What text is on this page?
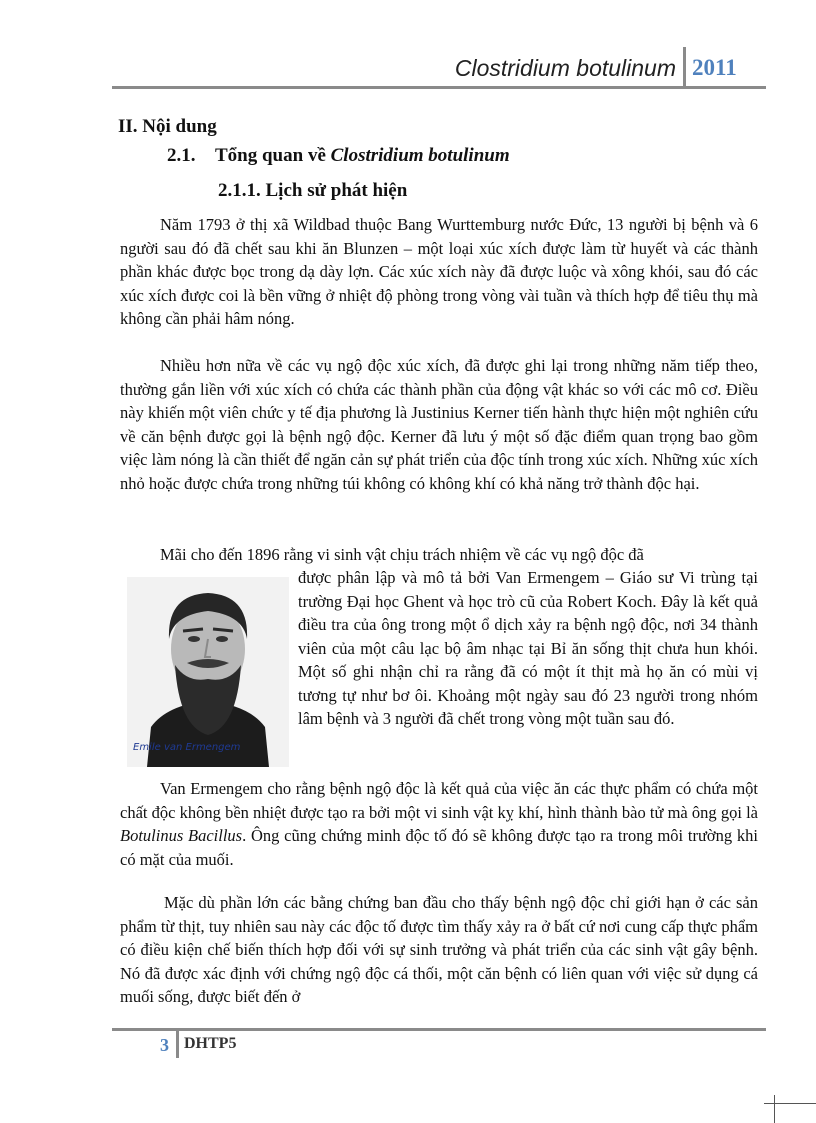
Clostridium botulinum 2011
II. Nội dung
2.1. Tổng quan về Clostridium botulinum
2.1.1. Lịch sử phát hiện

Năm 1793 ở thị xã Wildbad thuộc Bang Wurttemburg nước Đức, 13 người bị bệnh và 6 người sau đó đã chết sau khi ăn Blunzen – một loại xúc xích được làm từ huyết và các thành phần khác được bọc trong dạ dày lợn. Các xúc xích này đã được luộc và xông khói, sau đó các xúc xích được coi là bền vững ở nhiệt độ phòng trong vòng vài tuần và thích hợp để tiêu thụ mà không cần phải hâm nóng.

Nhiều hơn nữa về các vụ ngộ độc xúc xích, đã được ghi lại trong những năm tiếp theo, thường gắn liền với xúc xích có chứa các thành phần của động vật khác so với các mô cơ. Điều này khiến một viên chức y tế địa phương là Justinius Kerner tiến hành thực hiện một nghiên cứu về căn bệnh được gọi là bệnh ngộ độc. Kerner đã lưu ý một số đặc điểm quan trọng bao gồm việc làm nóng là cần thiết để ngăn cản sự phát triển của độc tính trong xúc xích. Những xúc xích nhỏ hoặc được chứa trong những túi không có không khí có khả năng trở thành độc hại.

Mãi cho đến 1896 rằng vi sinh vật chịu trách nhiệm về các vụ ngộ độc đã

Emile van Ermengem

được phân lập và mô tả bởi Van Ermengem – Giáo sư Vi trùng tại trường Đại học Ghent và học trò cũ của Robert Koch. Đây là kết quả điều tra của ông trong một ổ dịch xảy ra bệnh ngộ độc, nơi 34 thành viên của một câu lạc bộ âm nhạc tại Bỉ ăn sống thịt chưa hun khói. Một số ghi nhận chỉ ra rằng đã có một ít thịt mà họ ăn có mùi vị tương tự như bơ ôi. Khoảng một ngày sau đó 23 người trong nhóm lâm bệnh và 3 người đã chết trong vòng một tuần sau đó.

Van Ermengem cho rằng bệnh ngộ độc là kết quả của việc ăn các thực phẩm có chứa một chất độc không bền nhiệt được tạo ra bởi một vi sinh vật kỵ khí, hình thành bào tử mà ông gọi là Botulinus Bacillus. Ông cũng chứng minh độc tố đó sẽ không được tạo ra trong môi trường khi có mặt của muối.

Mặc dù phần lớn các bằng chứng ban đầu cho thấy bệnh ngộ độc chỉ giới hạn ở các sản phẩm từ thịt, tuy nhiên sau này các độc tố được tìm thấy xảy ra ở bất cứ nơi cung cấp thực phẩm có điều kiện chế biến thích hợp đối với sự sinh trưởng và phát triển của các sinh vật gây bệnh. Nó đã được xác định với chứng ngộ độc cá thối, một căn bệnh có liên quan với việc sử dụng cá muối sống, được biết đến ở

3 DHTP5
